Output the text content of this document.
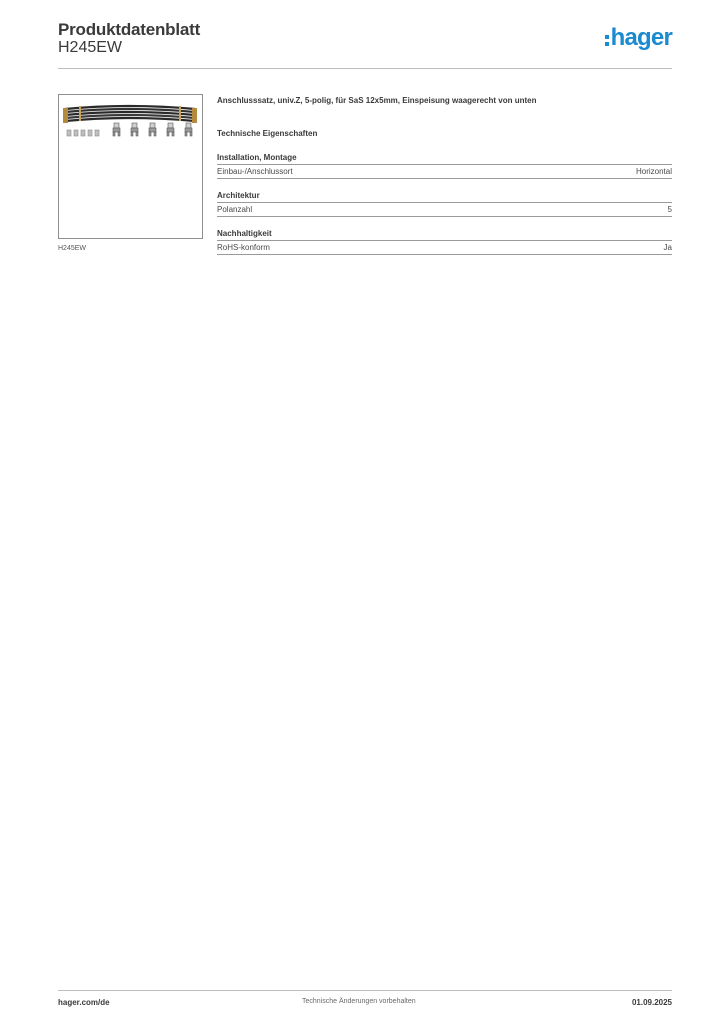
Produktdatenblatt
H245EW	hager
H245EW
Anschlusssatz, univ.Z, 5-polig, für SaS 12x5mm, Einspeisung waagerecht von unten
Technische Eigenschaften
Installation, Montage
Einbau-/Anschlussort	Horizontal
Architektur
Polanzahl	5
Nachhaltigkeit
RoHS-konform	Ja
hager.com/de	Technische Änderungen vorbehalten	01.09.2025
